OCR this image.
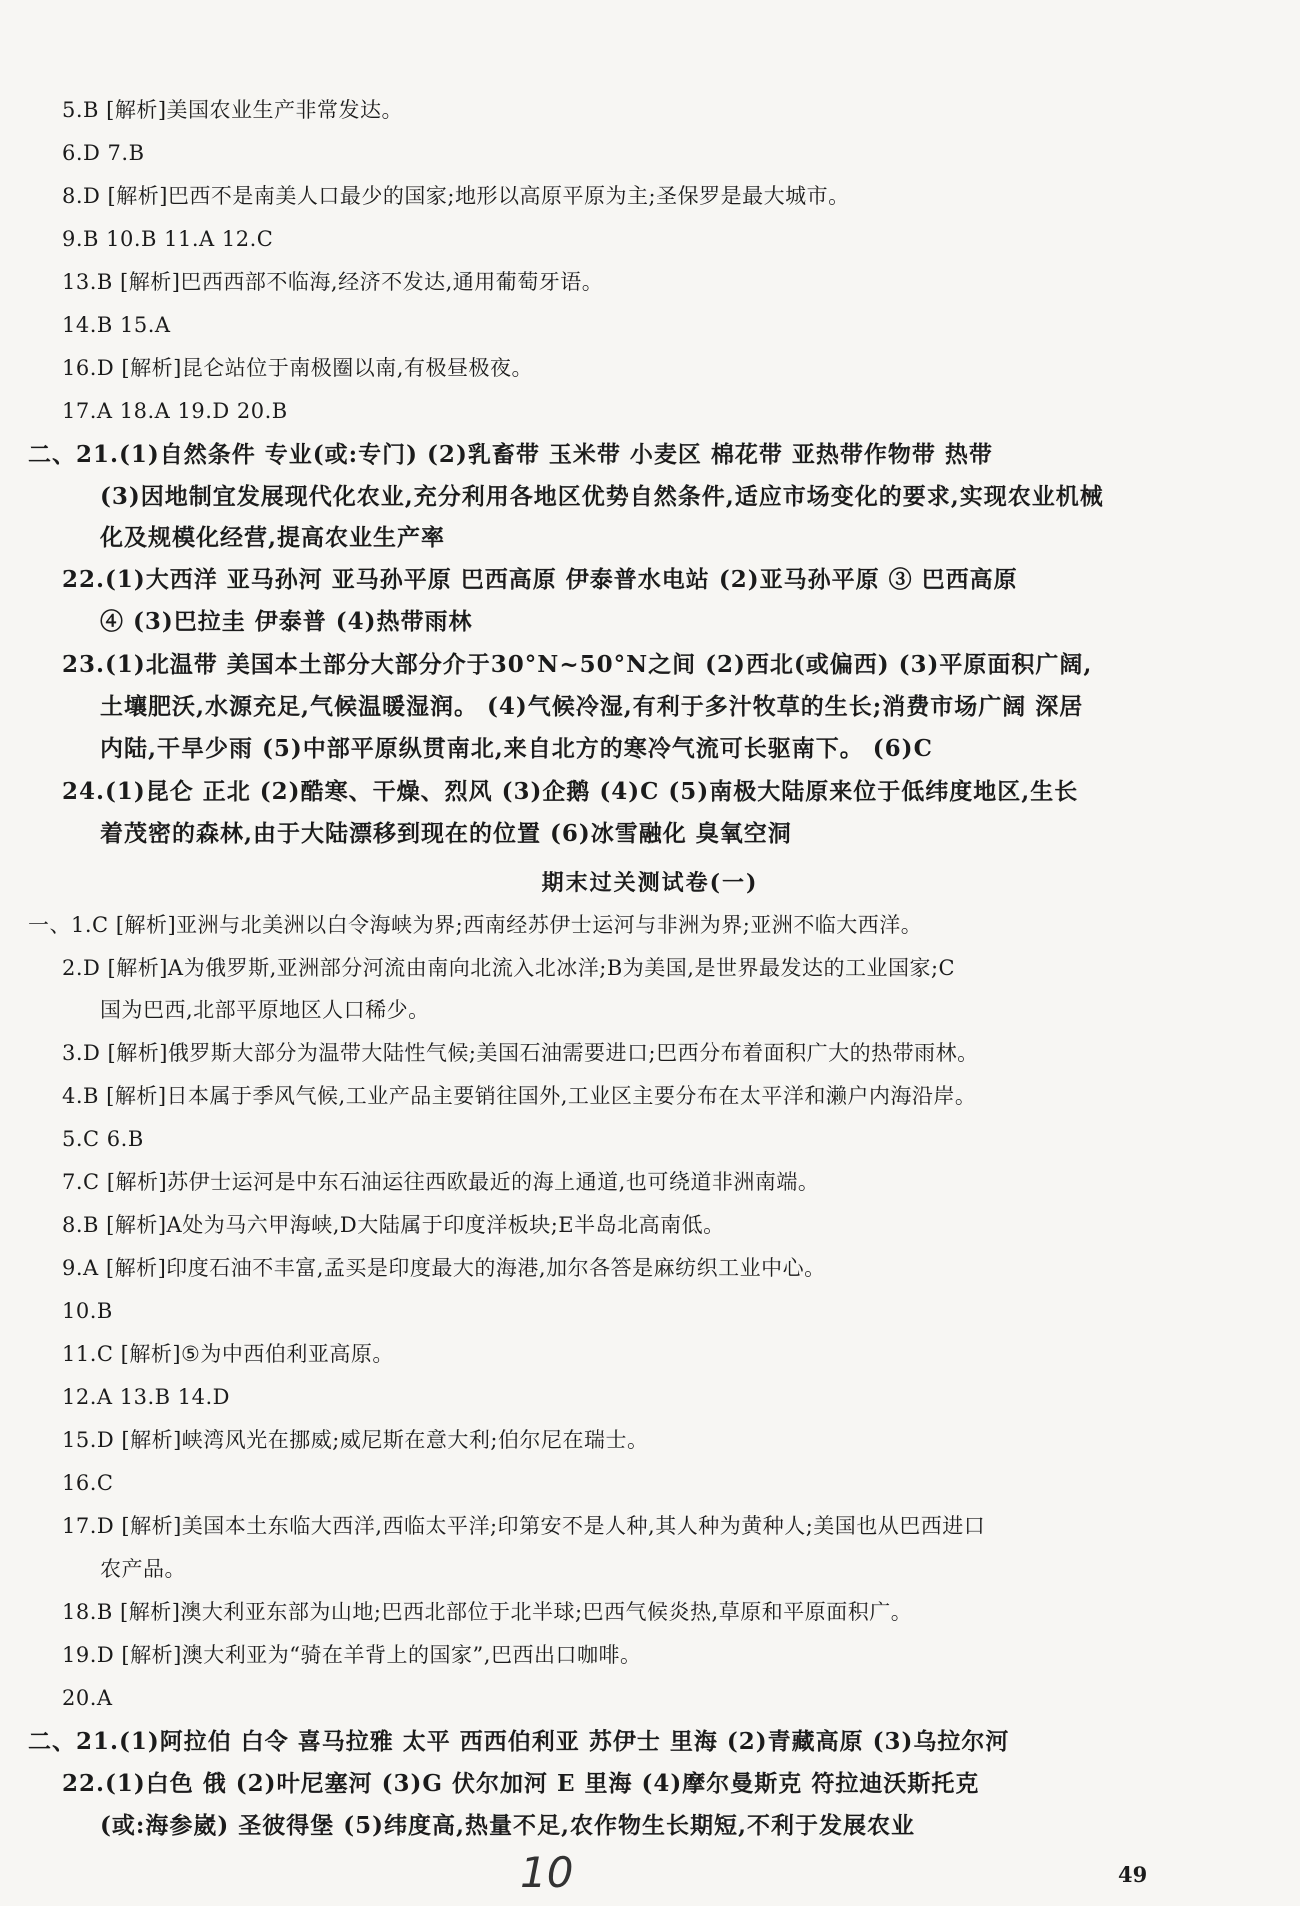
5.B [解析]美国农业生产非常发达。
6.D 7.B
8.D [解析]巴西不是南美人口最少的国家;地形以高原平原为主;圣保罗是最大城市。
9.B 10.B 11.A 12.C
13.B [解析]巴西西部不临海,经济不发达,通用葡萄牙语。
14.B 15.A
16.D [解析]昆仑站位于南极圈以南,有极昼极夜。
17.A 18.A 19.D 20.B
二、21.(1)自然条件 专业(或:专门) (2)乳畜带 玉米带 小麦区 棉花带 亚热带作物带 热带
(3)因地制宜发展现代化农业,充分利用各地区优势自然条件,适应市场变化的要求,实现农业机械
化及规模化经营,提高农业生产率
22.(1)大西洋 亚马孙河 亚马孙平原 巴西高原 伊泰普水电站 (2)亚马孙平原 ③ 巴西高原
④ (3)巴拉圭 伊泰普 (4)热带雨林
23.(1)北温带 美国本土部分大部分介于30°N~50°N之间 (2)西北(或偏西) (3)平原面积广阔,
土壤肥沃,水源充足,气候温暖湿润。 (4)气候冷湿,有利于多汁牧草的生长;消费市场广阔 深居
内陆,干旱少雨 (5)中部平原纵贯南北,来自北方的寒冷气流可长驱南下。 (6)C
24.(1)昆仑 正北 (2)酷寒、干燥、烈风 (3)企鹅 (4)C (5)南极大陆原来位于低纬度地区,生长
着茂密的森林,由于大陆漂移到现在的位置 (6)冰雪融化 臭氧空洞
期末过关测试卷(一)
一、1.C [解析]亚洲与北美洲以白令海峡为界;西南经苏伊士运河与非洲为界;亚洲不临大西洋。
2.D [解析]A为俄罗斯,亚洲部分河流由南向北流入北冰洋;B为美国,是世界最发达的工业国家;C
国为巴西,北部平原地区人口稀少。
3.D [解析]俄罗斯大部分为温带大陆性气候;美国石油需要进口;巴西分布着面积广大的热带雨林。
4.B [解析]日本属于季风气候,工业产品主要销往国外,工业区主要分布在太平洋和濑户内海沿岸。
5.C 6.B
7.C [解析]苏伊士运河是中东石油运往西欧最近的海上通道,也可绕道非洲南端。
8.B [解析]A处为马六甲海峡,D大陆属于印度洋板块;E半岛北高南低。
9.A [解析]印度石油不丰富,孟买是印度最大的海港,加尔各答是麻纺织工业中心。
10.B
11.C [解析]⑤为中西伯利亚高原。
12.A 13.B 14.D
15.D [解析]峡湾风光在挪威;威尼斯在意大利;伯尔尼在瑞士。
16.C
17.D [解析]美国本土东临大西洋,西临太平洋;印第安不是人种,其人种为黄种人;美国也从巴西进口
农产品。
18.B [解析]澳大利亚东部为山地;巴西北部位于北半球;巴西气候炎热,草原和平原面积广。
19.D [解析]澳大利亚为“骑在羊背上的国家”,巴西出口咖啡。
20.A
二、21.(1)阿拉伯 白令 喜马拉雅 太平 西西伯利亚 苏伊士 里海 (2)青藏高原 (3)乌拉尔河
22.(1)白色 俄 (2)叶尼塞河 (3)G 伏尔加河 E 里海 (4)摩尔曼斯克 符拉迪沃斯托克
(或:海参崴) 圣彼得堡 (5)纬度高,热量不足,农作物生长期短,不利于发展农业
10	49
